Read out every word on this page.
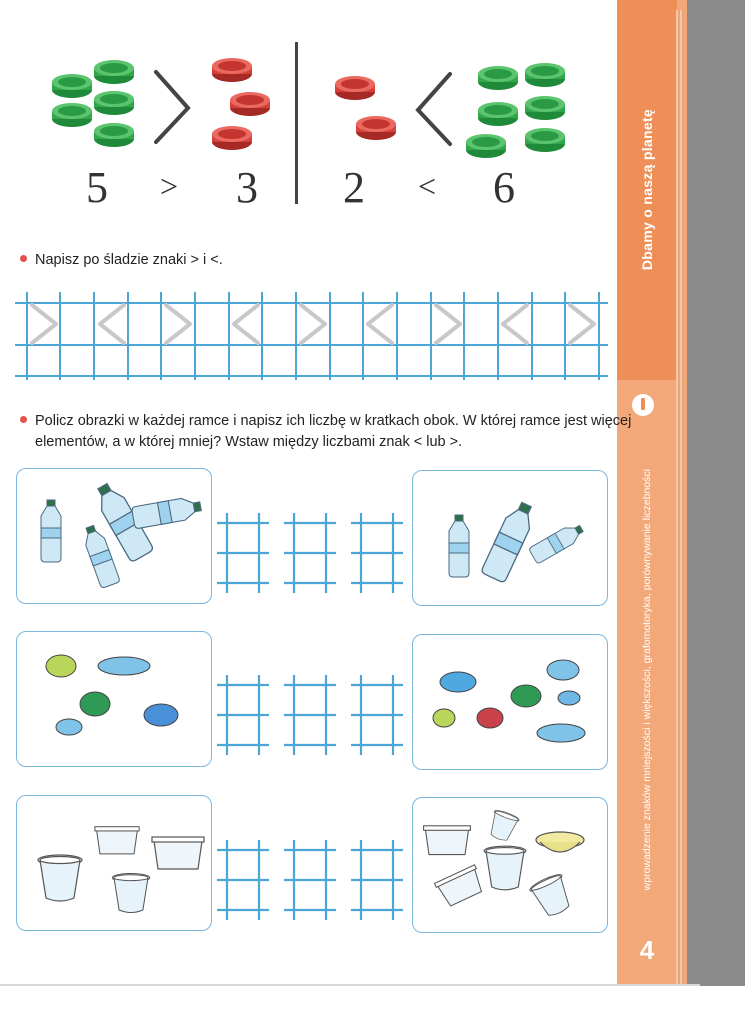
Dbamy o naszą planetę
wprowadzenie znaków mniejszości i większości, grafomotoryka, porównywanie liczebności
4
5 > 3 2 < 6
Napisz po śladzie znaki > i <.
Policz obrazki w każdej ramce i napisz ich liczbę w kratkach obok. W której ramce jest więcej
elementów, a w której mniej? Wstaw między liczbami znak < lub >.
